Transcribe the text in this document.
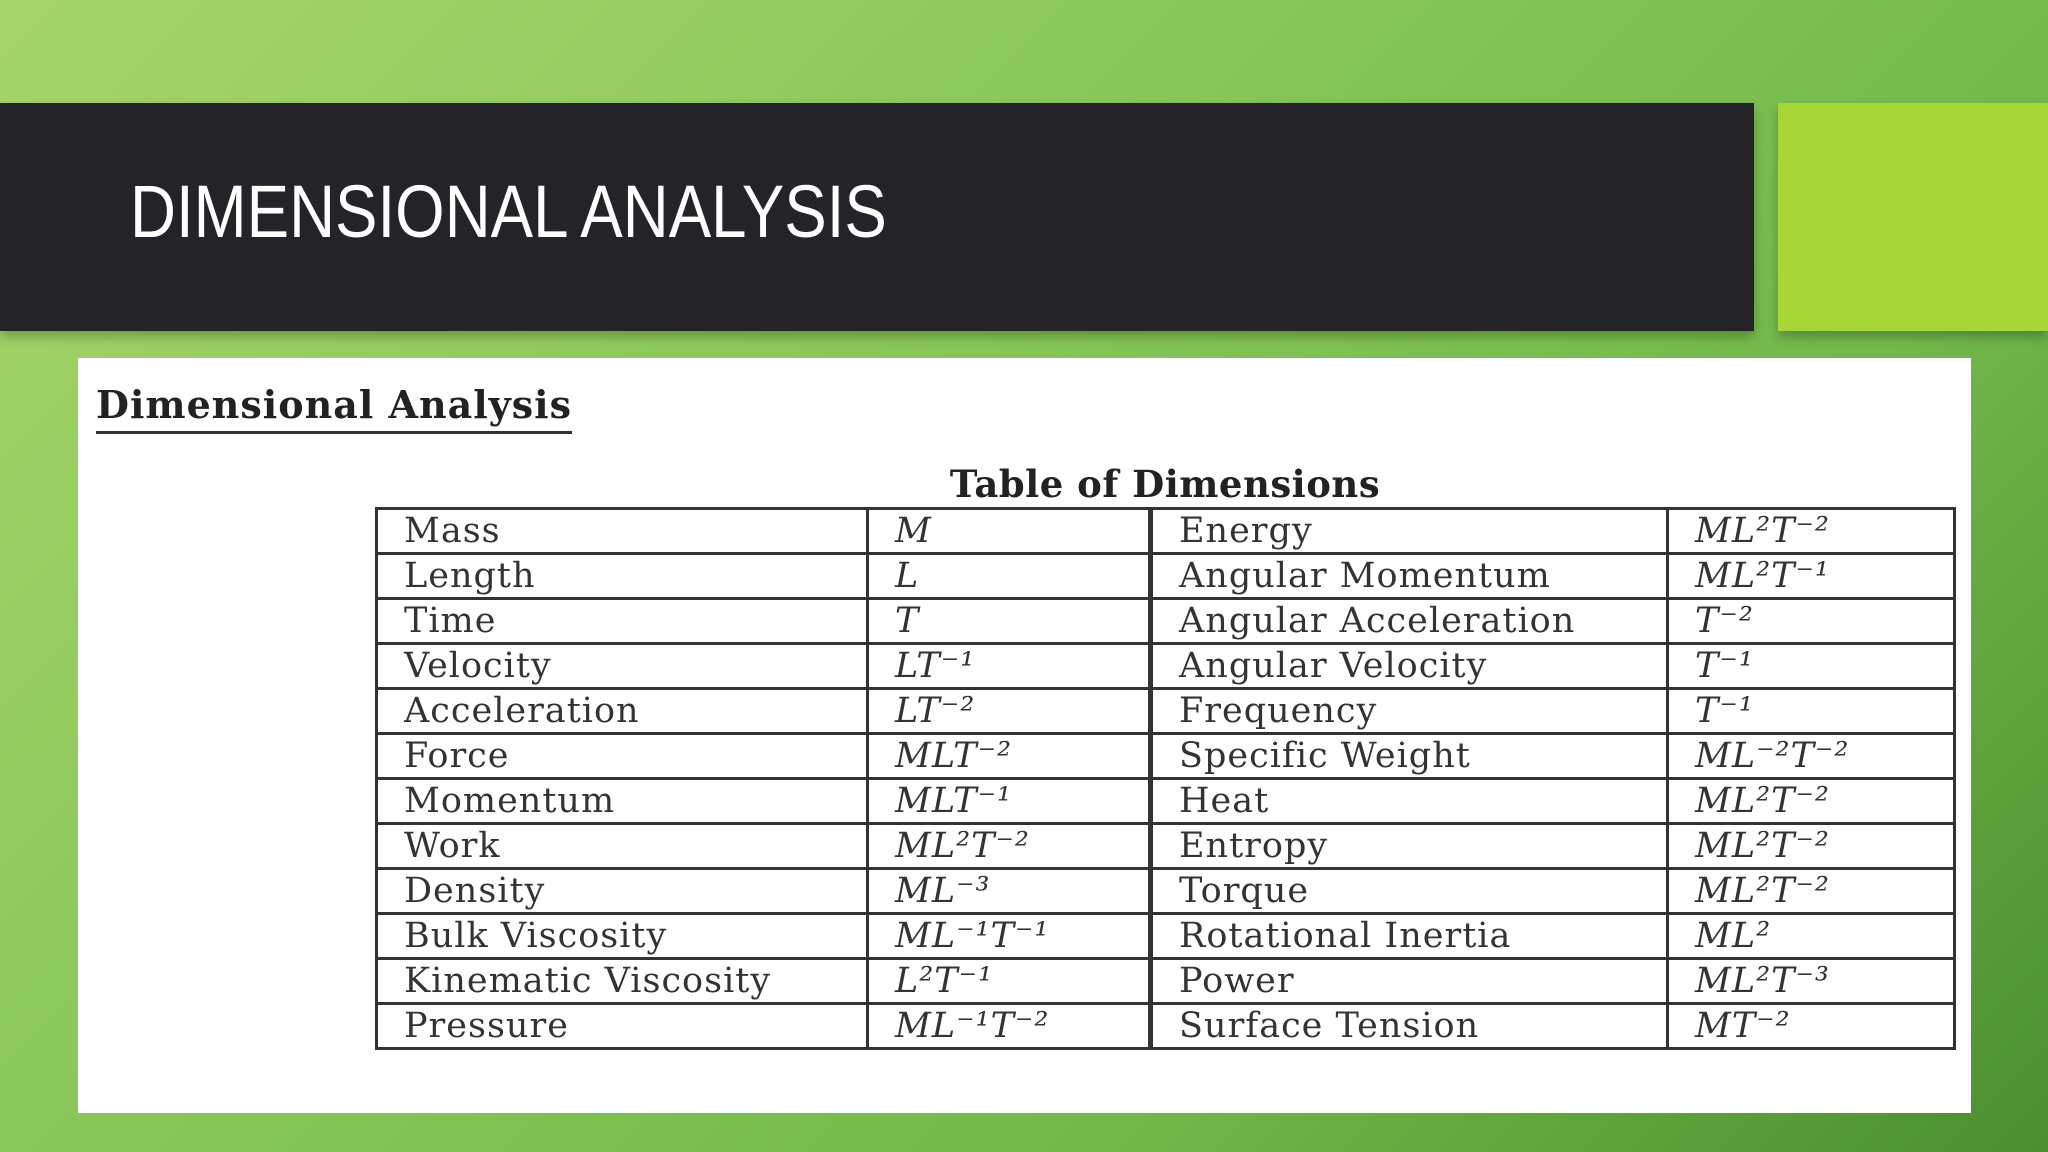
DIMENSIONAL ANALYSIS
Dimensional Analysis
Table of Dimensions
Mass	M	Energy	ML²T⁻²
Length	L	Angular Momentum	ML²T⁻¹
Time	T	Angular Acceleration	T⁻²
Velocity	LT⁻¹	Angular Velocity	T⁻¹
Acceleration	LT⁻²	Frequency	T⁻¹
Force	MLT⁻²	Specific Weight	ML⁻²T⁻²
Momentum	MLT⁻¹	Heat	ML²T⁻²
Work	ML²T⁻²	Entropy	ML²T⁻²
Density	ML⁻³	Torque	ML²T⁻²
Bulk Viscosity	ML⁻¹T⁻¹	Rotational Inertia	ML²
Kinematic Viscosity	L²T⁻¹	Power	ML²T⁻³
Pressure	ML⁻¹T⁻²	Surface Tension	MT⁻²
